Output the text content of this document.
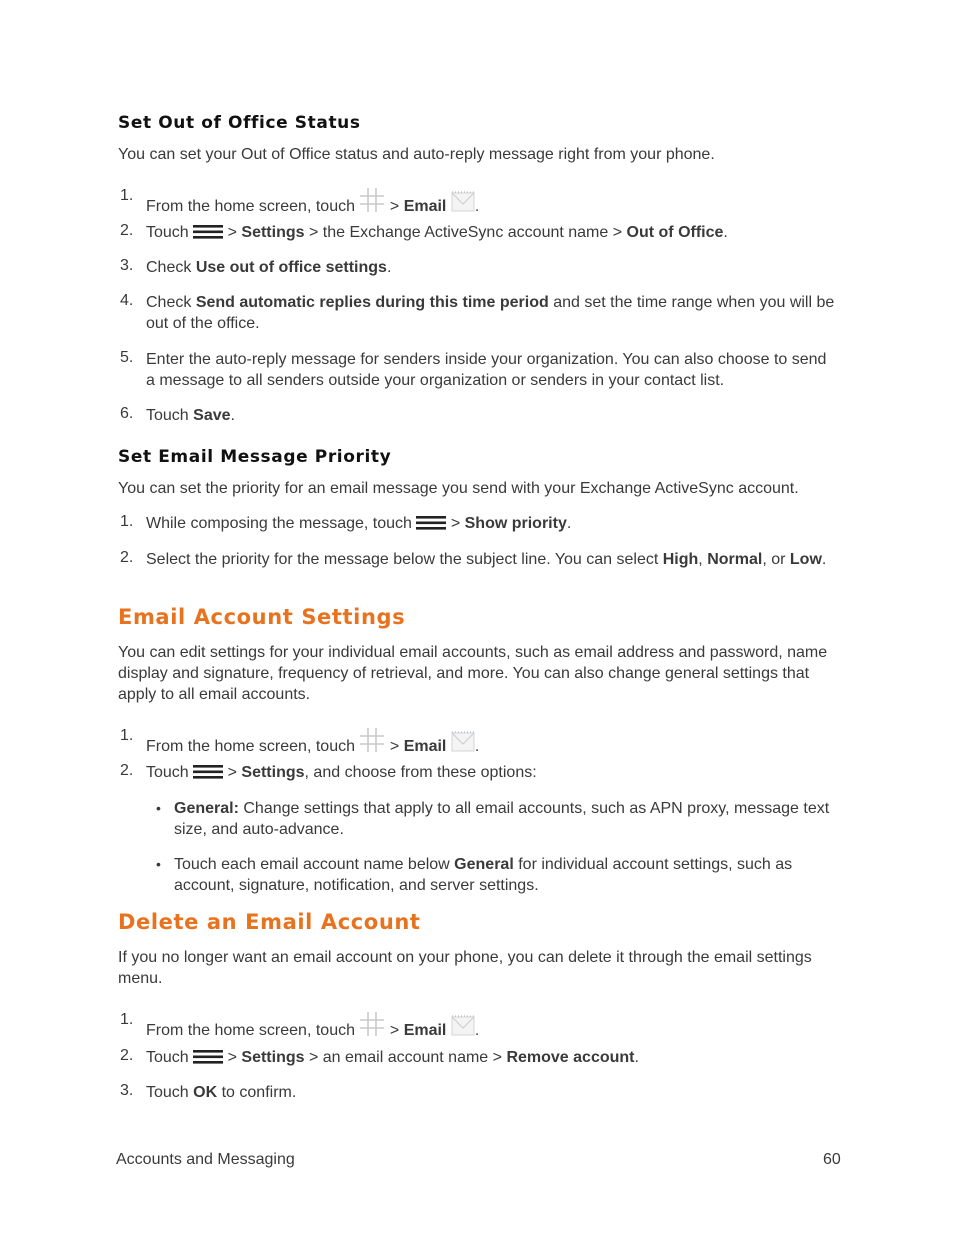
Set Out of Office Status
You can set your Out of Office status and auto-reply message right from your phone.
1.
From the home screen, touch > Email .
2. Touch > Settings > the Exchange ActiveSync account name > Out of Office.
3. Check Use out of office settings.
4. Check Send automatic replies during this time period and set the time range when you will be out of the office.
5. Enter the auto-reply message for senders inside your organization. You can also choose to send a message to all senders outside your organization or senders in your contact list.
6. Touch Save.
Set Email Message Priority
You can set the priority for an email message you send with your Exchange ActiveSync account.
1. While composing the message, touch > Show priority.
2. Select the priority for the message below the subject line. You can select High, Normal, or Low.
Email Account Settings
You can edit settings for your individual email accounts, such as email address and password, name display and signature, frequency of retrieval, and more. You can also change general settings that apply to all email accounts.
1.
From the home screen, touch > Email .
2. Touch > Settings, and choose from these options:
• General: Change settings that apply to all email accounts, such as APN proxy, message text size, and auto-advance.
• Touch each email account name below General for individual account settings, such as account, signature, notification, and server settings.
Delete an Email Account
If you no longer want an email account on your phone, you can delete it through the email settings menu.
1.
From the home screen, touch > Email .
2. Touch > Settings > an email account name > Remove account.
3. Touch OK to confirm.
Accounts and Messaging	60
